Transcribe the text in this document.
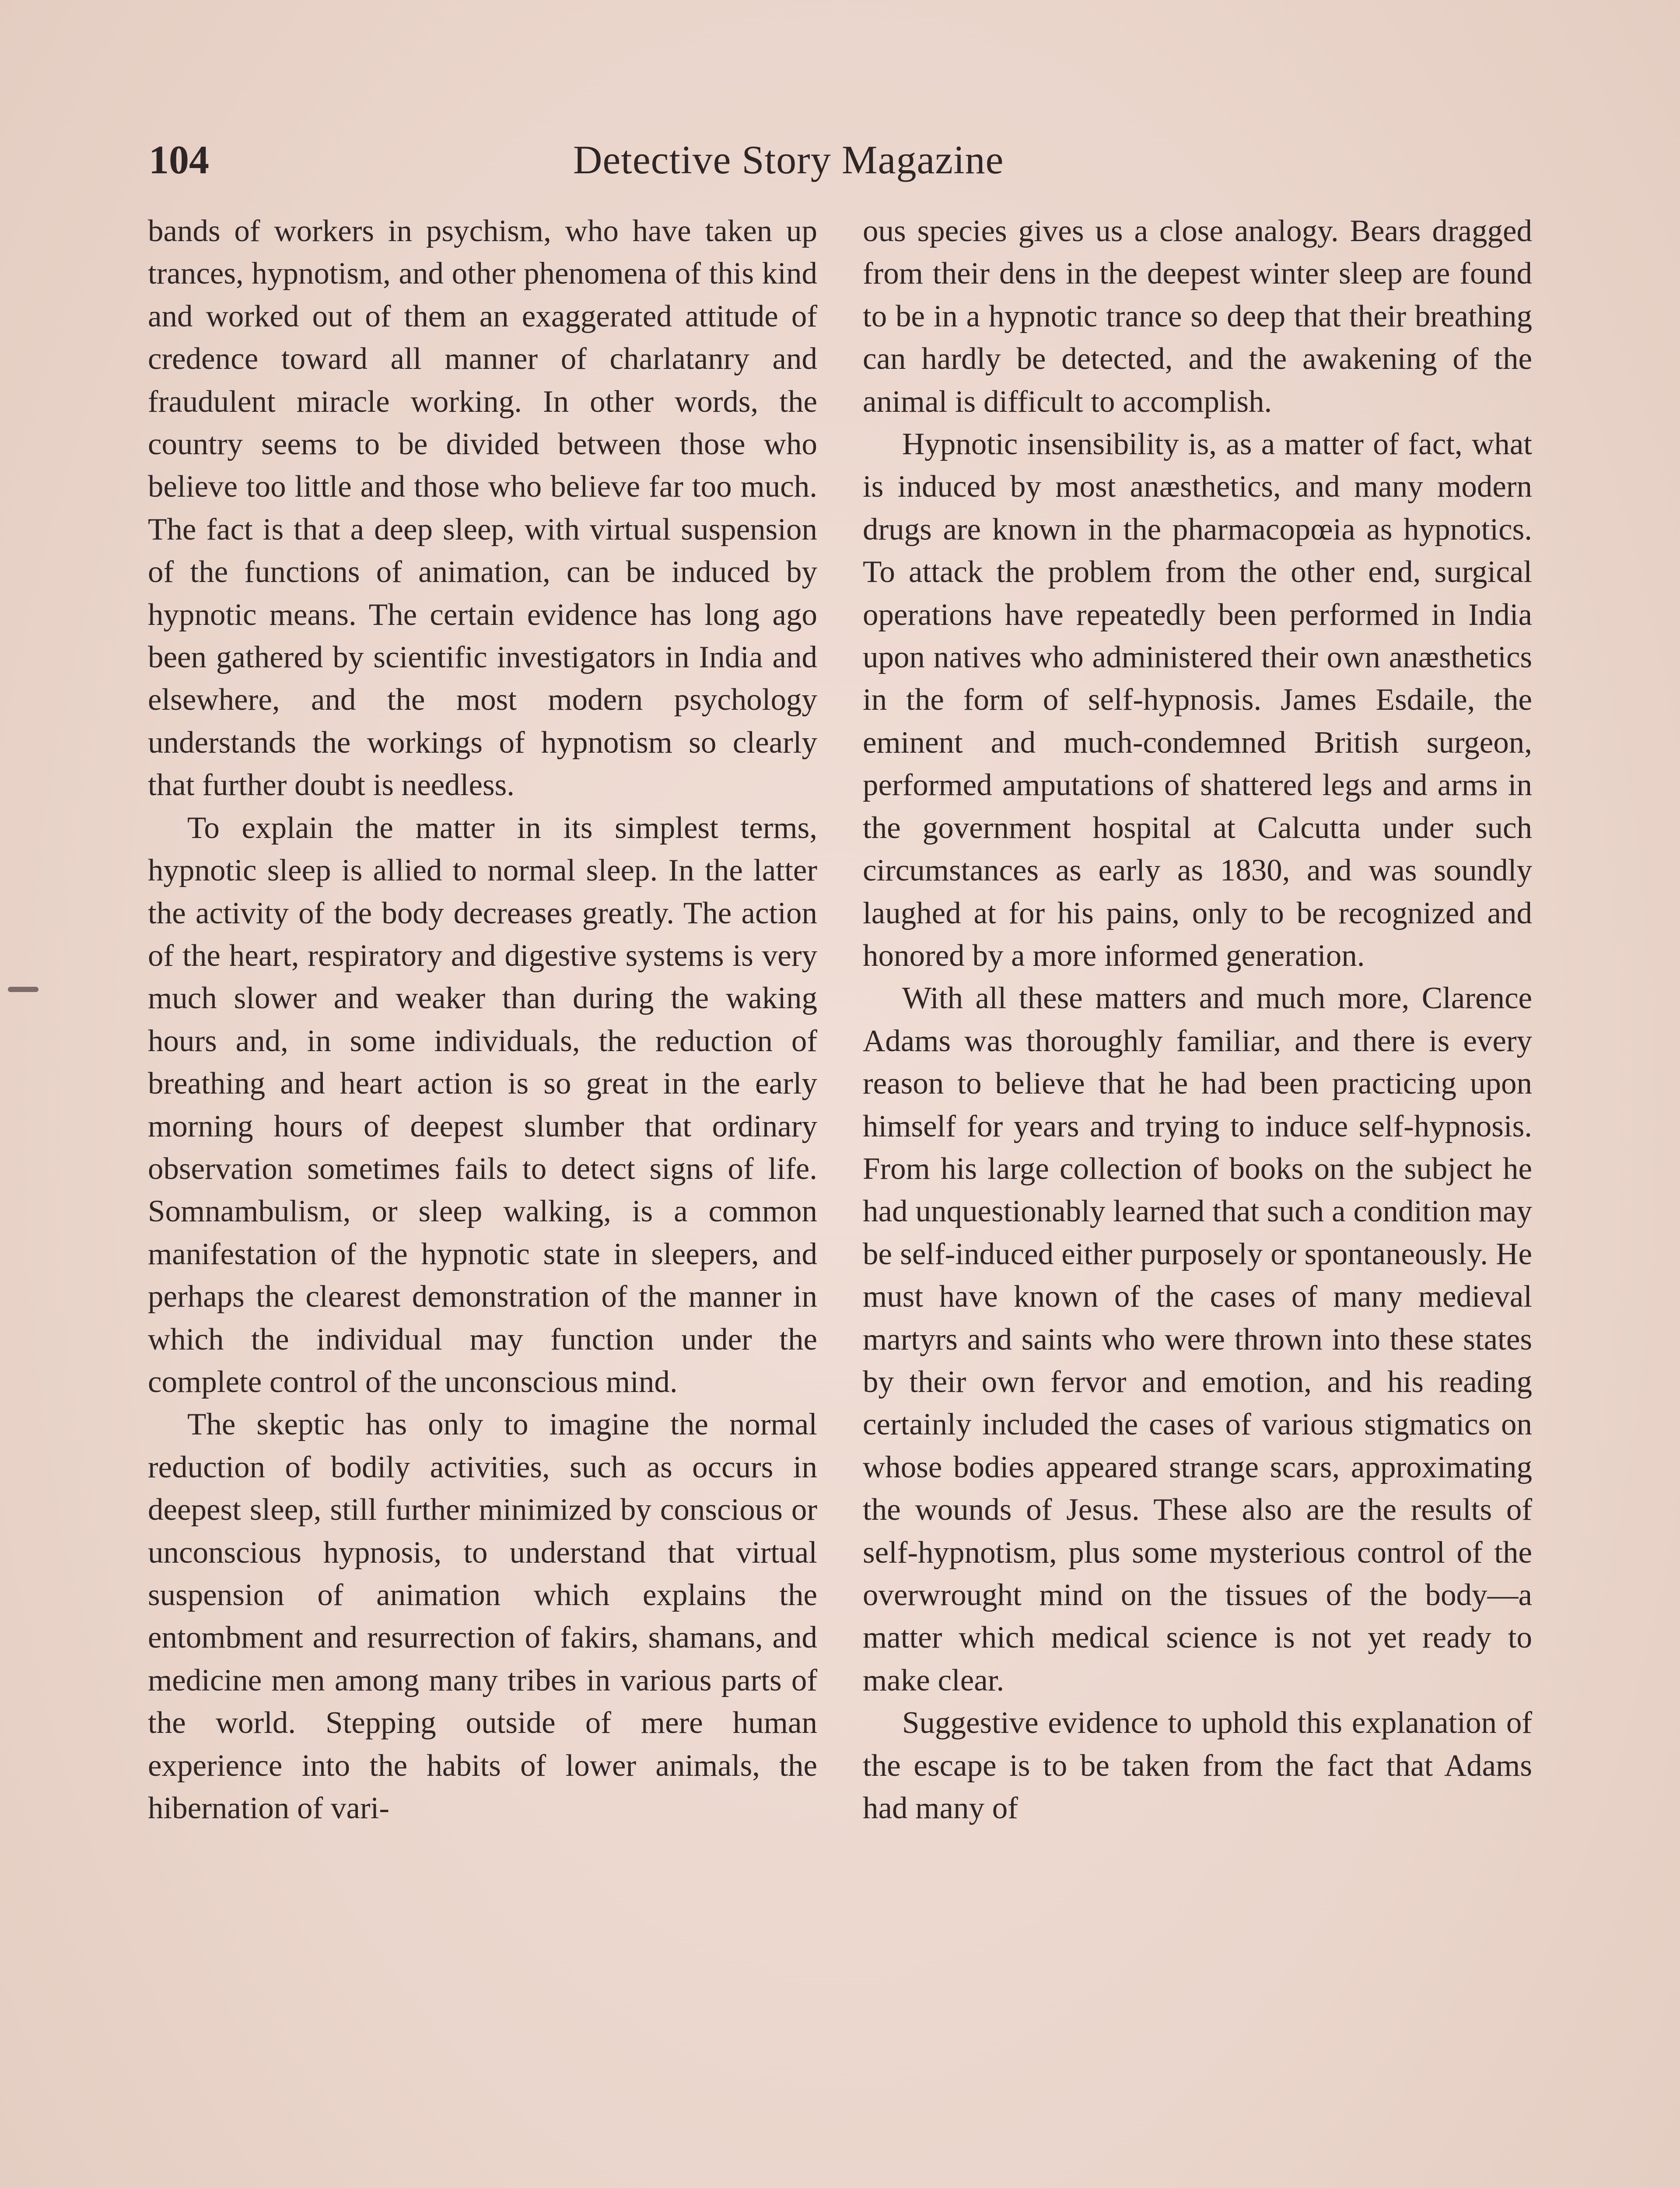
104	Detective Story Magazine

bands of workers in psychism, who have taken up trances, hypnotism, and other phenomena of this kind and worked out of them an exaggerated attitude of credence toward all manner of charlatanry and fraudulent miracle working. In other words, the country seems to be divided between those who believe too little and those who believe far too much. The fact is that a deep sleep, with virtual suspension of the functions of animation, can be induced by hypnotic means. The certain evidence has long ago been gathered by scientific investigators in India and elsewhere, and the most modern psychology understands the workings of hypnotism so clearly that further doubt is needless.

To explain the matter in its simplest terms, hypnotic sleep is allied to normal sleep. In the latter the activity of the body decreases greatly. The action of the heart, respiratory and digestive systems is very much slower and weaker than during the waking hours and, in some individuals, the reduction of breathing and heart action is so great in the early morning hours of deepest slumber that ordinary observation sometimes fails to detect signs of life. Somnambulism, or sleep walking, is a common manifestation of the hypnotic state in sleepers, and perhaps the clearest demonstration of the manner in which the individual may function under the complete control of the unconscious mind.

The skeptic has only to imagine the normal reduction of bodily activities, such as occurs in deepest sleep, still further minimized by conscious or unconscious hypnosis, to understand that virtual suspension of animation which explains the entombment and resurrection of fakirs, shamans, and medicine men among many tribes in various parts of the world. Stepping outside of mere human experience into the habits of lower animals, the hibernation of vari-

ous species gives us a close analogy. Bears dragged from their dens in the deepest winter sleep are found to be in a hypnotic trance so deep that their breathing can hardly be detected, and the awakening of the animal is difficult to accomplish.

Hypnotic insensibility is, as a matter of fact, what is induced by most anæsthetics, and many modern drugs are known in the pharmacopœia as hypnotics. To attack the problem from the other end, surgical operations have repeatedly been performed in India upon natives who administered their own anæsthetics in the form of self-hypnosis. James Esdaile, the eminent and much-condemned British surgeon, performed amputations of shattered legs and arms in the government hospital at Calcutta under such circumstances as early as 1830, and was soundly laughed at for his pains, only to be recognized and honored by a more informed generation.

With all these matters and much more, Clarence Adams was thoroughly familiar, and there is every reason to believe that he had been practicing upon himself for years and trying to induce self-hypnosis. From his large collection of books on the subject he had unquestionably learned that such a condition may be self-induced either purposely or spontaneously. He must have known of the cases of many medieval martyrs and saints who were thrown into these states by their own fervor and emotion, and his reading certainly included the cases of various stigmatics on whose bodies appeared strange scars, approximating the wounds of Jesus. These also are the results of self-hypnotism, plus some mysterious control of the overwrought mind on the tissues of the body—a matter which medical science is not yet ready to make clear.

Suggestive evidence to uphold this explanation of the escape is to be taken from the fact that Adams had many of
